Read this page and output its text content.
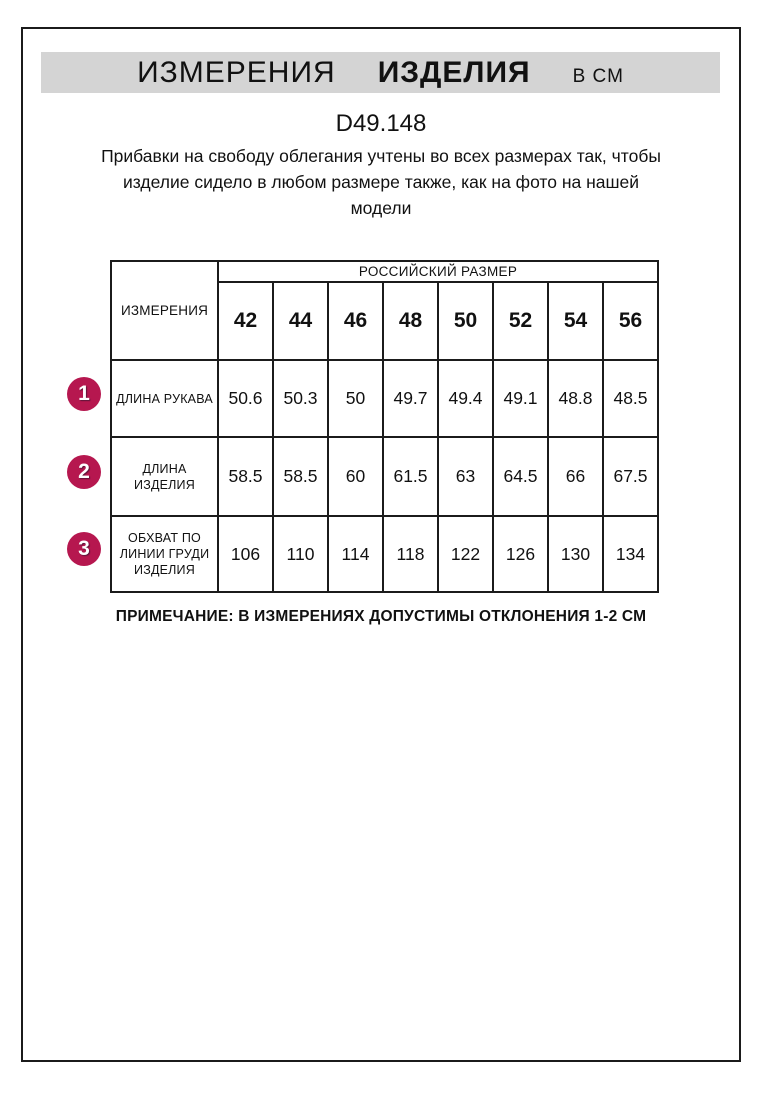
ИЗМЕРЕНИЯ ИЗДЕЛИЯ В СМ
D49.148
Прибавки на свободу облегания учтены во всех размерах так, чтобы изделие сидело в любом размере также, как на фото на нашей модели
ИЗМЕРЕНИЯ	РОССИЙСКИЙ РАЗМЕР							
	42	44	46	48	50	52	54	56
ДЛИНА РУКАВА	50.6	50.3	50	49.7	49.4	49.1	48.8	48.5
ДЛИНА ИЗДЕЛИЯ	58.5	58.5	60	61.5	63	64.5	66	67.5
ОБХВАТ ПО ЛИНИИ ГРУДИ ИЗДЕЛИЯ	106	110	114	118	122	126	130	134
1
2
3
ПРИМЕЧАНИЕ: В ИЗМЕРЕНИЯХ ДОПУСТИМЫ ОТКЛОНЕНИЯ 1-2 СМ
